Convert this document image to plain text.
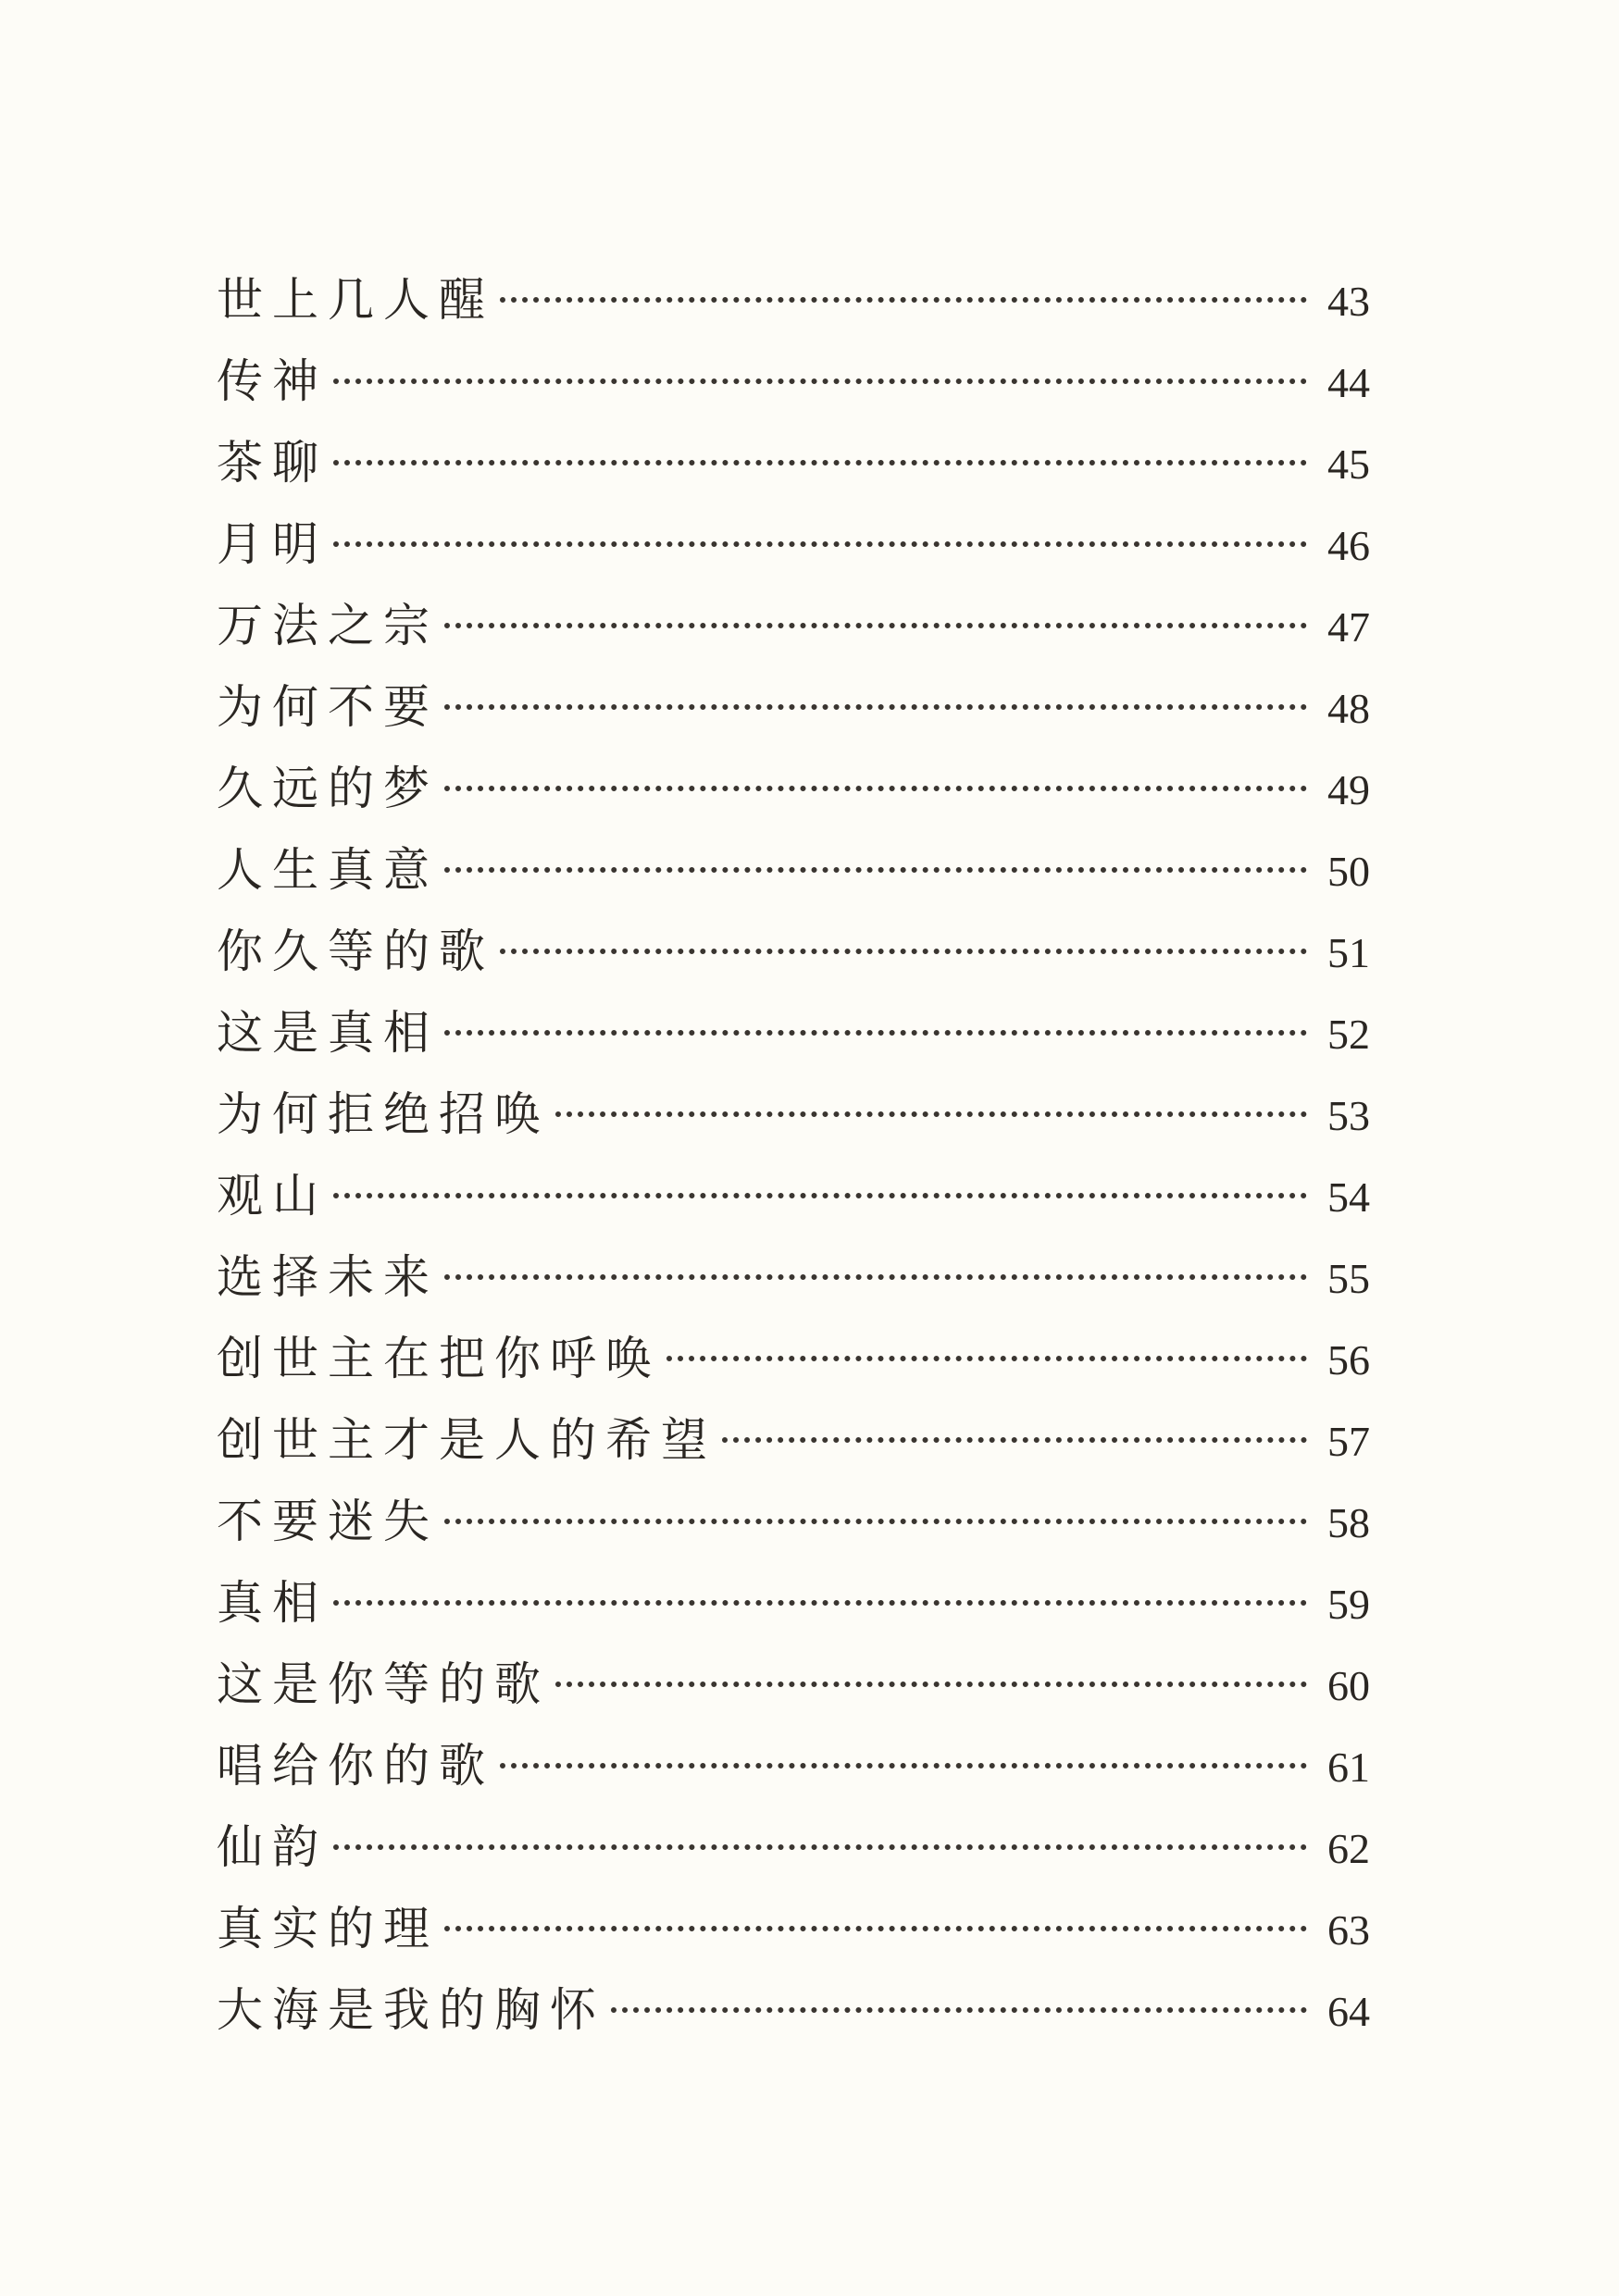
世上几人醒	43
传神	44
茶聊	45
月明	46
万法之宗	47
为何不要	48
久远的梦	49
人生真意	50
你久等的歌	51
这是真相	52
为何拒绝招唤	53
观山	54
选择未来	55
创世主在把你呼唤	56
创世主才是人的希望	57
不要迷失	58
真相	59
这是你等的歌	60
唱给你的歌	61
仙韵	62
真实的理	63
大海是我的胸怀	64
